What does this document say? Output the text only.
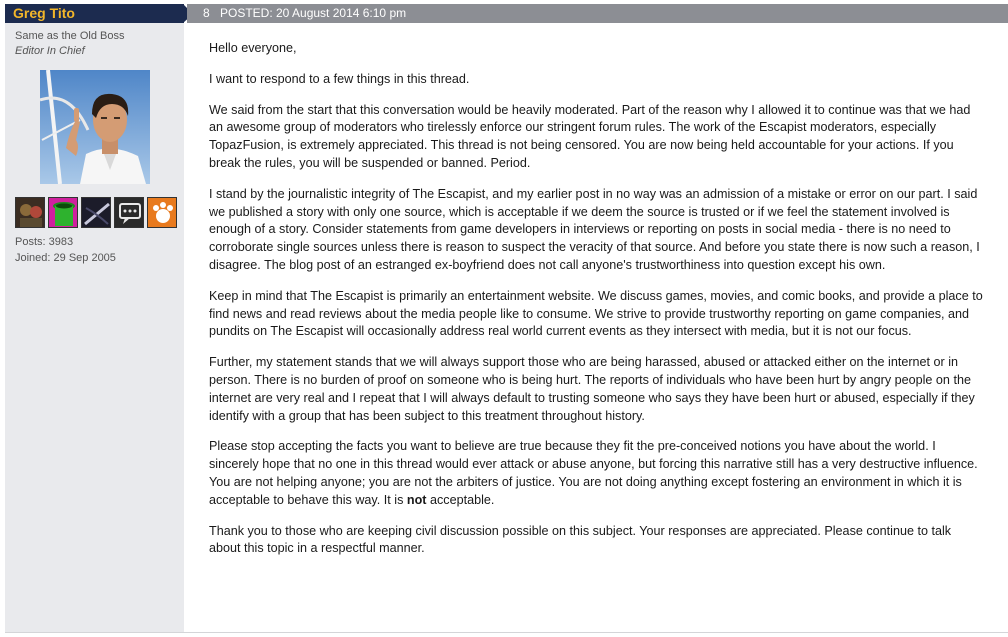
Greg Tito
Same as the Old Boss
Editor In Chief
Posts: 3983
Joined: 29 Sep 2005
8 POSTED: 20 August 2014 6:10 pm

Hello everyone,

I want to respond to a few things in this thread.

We said from the start that this conversation would be heavily moderated. Part of the reason why I allowed it to continue was that we had an awesome group of moderators who tirelessly enforce our stringent forum rules. The work of the Escapist moderators, especially TopazFusion, is extremely appreciated. This thread is not being censored. You are now being held accountable for your actions. If you break the rules, you will be suspended or banned. Period.

I stand by the journalistic integrity of The Escapist, and my earlier post in no way was an admission of a mistake or error on our part. I said we published a story with only one source, which is acceptable if we deem the source is trusted or if we feel the statement involved is enough of a story. Consider statements from game developers in interviews or reporting on posts in social media - there is no need to corroborate single sources unless there is reason to suspect the veracity of that source. And before you state there is now such a reason, I disagree. The blog post of an estranged ex-boyfriend does not call anyone's trustworthiness into question except his own.

Keep in mind that The Escapist is primarily an entertainment website. We discuss games, movies, and comic books, and provide a place to find news and read reviews about the media people like to consume. We strive to provide trustworthy reporting on game companies, and pundits on The Escapist will occasionally address real world current events as they intersect with media, but it is not our focus.

Further, my statement stands that we will always support those who are being harassed, abused or attacked either on the internet or in person. There is no burden of proof on someone who is being hurt. The reports of individuals who have been hurt by angry people on the internet are very real and I repeat that I will always default to trusting someone who says they have been hurt or abused, especially if they identify with a group that has been subject to this treatment throughout history.

Please stop accepting the facts you want to believe are true because they fit the pre-conceived notions you have about the world. I sincerely hope that no one in this thread would ever attack or abuse anyone, but forcing this narrative still has a very destructive influence. You are not helping anyone; you are not the arbiters of justice. You are not doing anything except fostering an environment in which it is acceptable to behave this way. It is not acceptable.

Thank you to those who are keeping civil discussion possible on this subject. Your responses are appreciated. Please continue to talk about this topic in a respectful manner.
